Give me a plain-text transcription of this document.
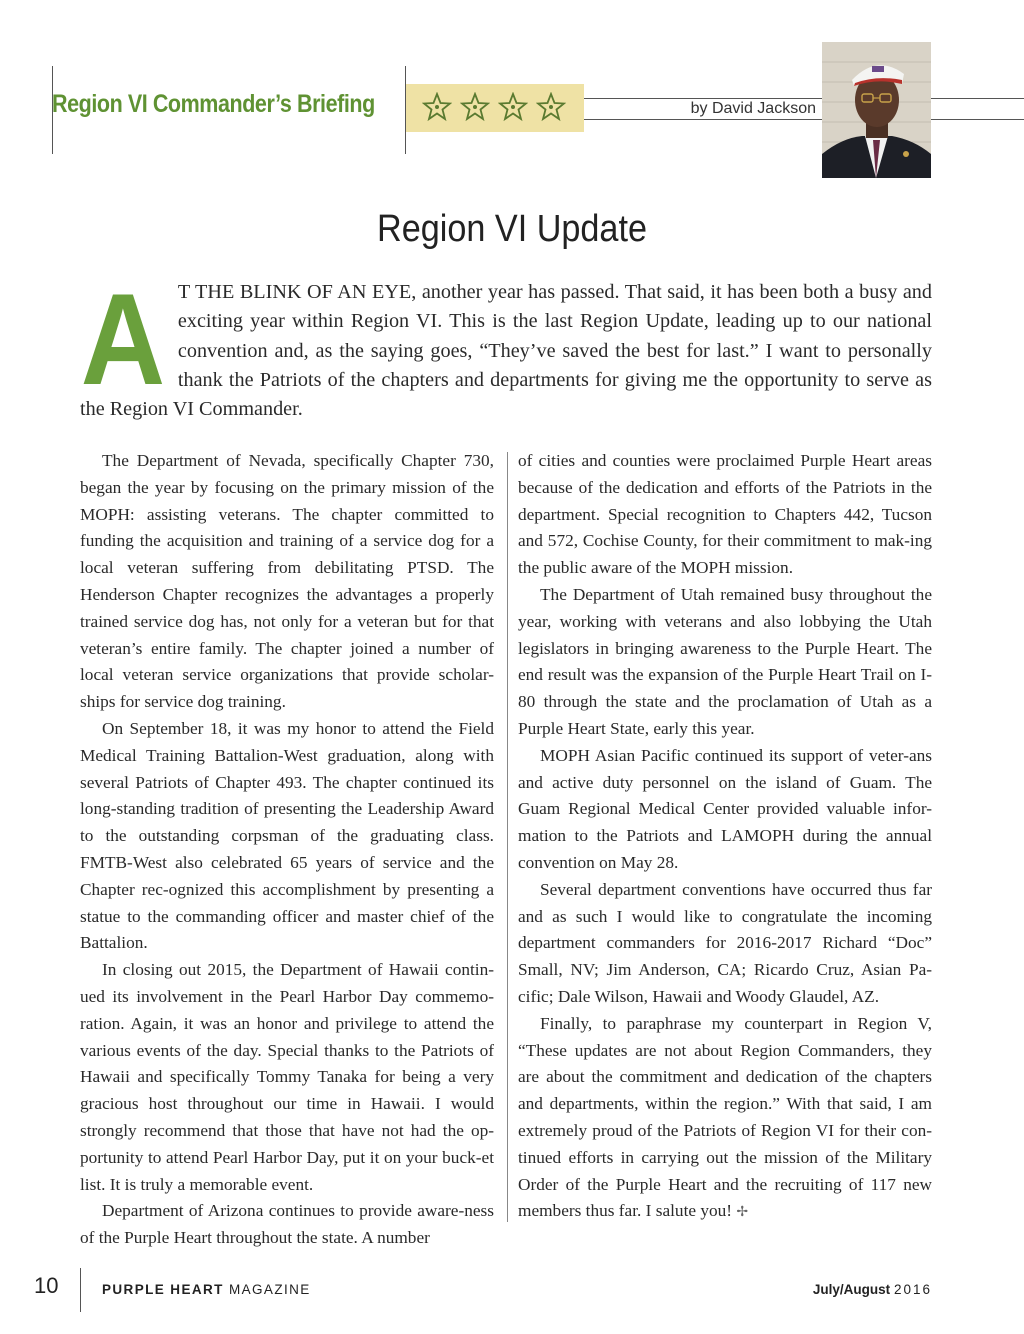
Region VI Commander’s Briefing	by David Jackson
Region VI Update
A T THE BLINK OF AN EYE, another year has passed. That said, it has been both a busy and exciting year within Region VI. This is the last Region Update, leading up to our national convention and, as the saying goes, “They’ve saved the best for last.” I want to personally thank the Patriots of the chapters and departments for giving me the opportunity to serve as the Region VI Commander.

The Department of Nevada, specifically Chapter 730, began the year by focusing on the primary mission of the MOPH: assisting veterans. The chapter committed to funding the acquisition and training of a service dog for a local veteran suffering from debilitating PTSD. The Henderson Chapter recognizes the advantages a properly trained service dog has, not only for a veteran but for that veteran’s entire family. The chapter joined a number of local veteran service organizations that provide scholar-ships for service dog training.

On September 18, it was my honor to attend the Field Medical Training Battalion-West graduation, along with several Patriots of Chapter 493. The chapter continued its long-standing tradition of presenting the Leadership Award to the outstanding corpsman of the graduating class. FMTB-West also celebrated 65 years of service and the Chapter rec-ognized this accomplishment by presenting a statue to the commanding officer and master chief of the Battalion.

In closing out 2015, the Department of Hawaii contin-ued its involvement in the Pearl Harbor Day commemo-ration. Again, it was an honor and privilege to attend the various events of the day. Special thanks to the Patriots of Hawaii and specifically Tommy Tanaka for being a very gracious host throughout our time in Hawaii. I would strongly recommend that those that have not had the op-portunity to attend Pearl Harbor Day, put it on your buck-et list. It is truly a memorable event.

Department of Arizona continues to provide aware-ness of the Purple Heart throughout the state. A number

of cities and counties were proclaimed Purple Heart areas because of the dedication and efforts of the Patriots in the department. Special recognition to Chapters 442, Tucson and 572, Cochise County, for their commitment to mak-ing the public aware of the MOPH mission.

The Department of Utah remained busy throughout the year, working with veterans and also lobbying the Utah legislators in bringing awareness to the Purple Heart. The end result was the expansion of the Purple Heart Trail on I-80 through the state and the proclamation of Utah as a Purple Heart State, early this year.

MOPH Asian Pacific continued its support of veter-ans and active duty personnel on the island of Guam. The Guam Regional Medical Center provided valuable infor-mation to the Patriots and LAMOPH during the annual convention on May 28.

Several department conventions have occurred thus far and as such I would like to congratulate the incoming department commanders for 2016-2017 Richard “Doc” Small, NV; Jim Anderson, CA; Ricardo Cruz, Asian Pa-cific; Dale Wilson, Hawaii and Woody Glaudel, AZ.

Finally, to paraphrase my counterpart in Region V, “These updates are not about Region Commanders, they are about the commitment and dedication of the chapters and departments, within the region.” With that said, I am extremely proud of the Patriots of Region VI for their con-tinued efforts in carrying out the mission of the Military Order of the Purple Heart and the recruiting of 117 new members thus far. I salute you! ✢

10	PURPLE HEART MAGAZINE	July/August 2016
